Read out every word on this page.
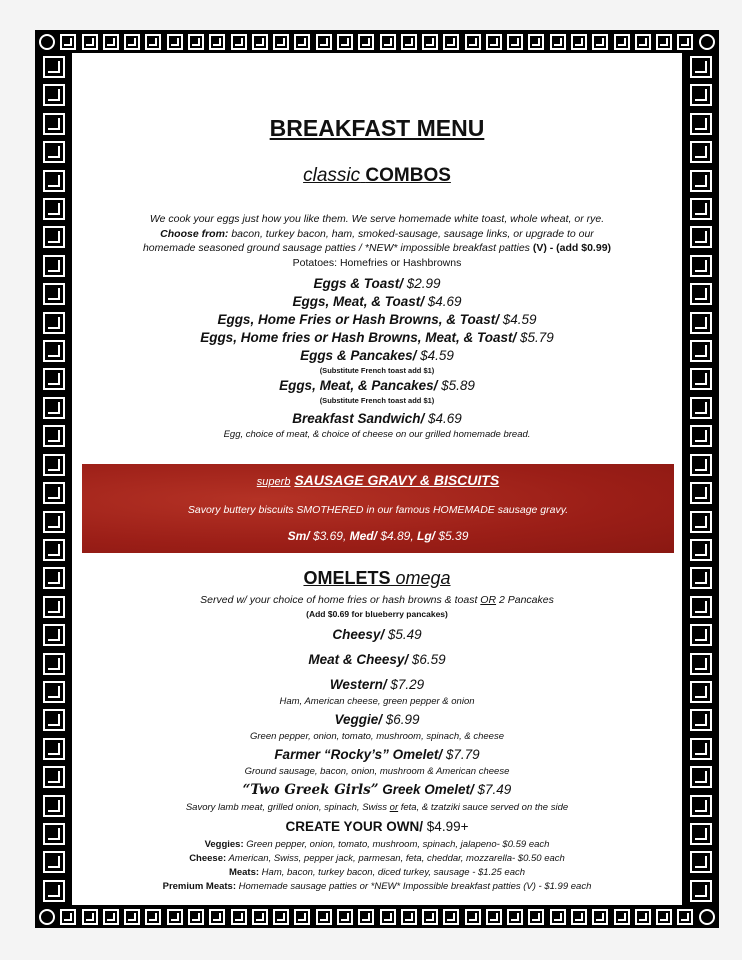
BREAKFAST MENU
classic COMBOS
We cook your eggs just how you like them. We serve homemade white toast, whole wheat, or rye.
Choose from: bacon, turkey bacon, ham, smoked-sausage, sausage links, or upgrade to our
homemade seasoned ground sausage patties / *NEW* impossible breakfast patties (V) - (add $0.99)
Potatoes: Homefries or Hashbrowns
Eggs & Toast/ $2.99
Eggs, Meat, & Toast/ $4.69
Eggs, Home Fries or Hash Browns, & Toast/ $4.59
Eggs, Home fries or Hash Browns, Meat, & Toast/ $5.79
Eggs & Pancakes/ $4.59
(Substitute French toast add $1)
Eggs, Meat, & Pancakes/ $5.89
(Substitute French toast add $1)
Breakfast Sandwich/ $4.69
Egg, choice of meat, & choice of cheese on our grilled homemade bread.
superb SAUSAGE GRAVY & BISCUITS
Savory buttery biscuits SMOTHERED in our famous HOMEMADE sausage gravy.
Sm/ $3.69, Med/ $4.89, Lg/ $5.39
OMELETS omega
Served w/ your choice of home fries or hash browns & toast OR 2 Pancakes
(Add $0.69 for blueberry pancakes)
Cheesy/ $5.49
Meat & Cheesy/ $6.59
Western/ $7.29
Ham, American cheese, green pepper & onion
Veggie/ $6.99
Green pepper, onion, tomato, mushroom, spinach, & cheese
Farmer “Rocky’s” Omelet/ $7.79
Ground sausage, bacon, onion, mushroom & American cheese
“Two Greek Girls” Greek Omelet/ $7.49
Savory lamb meat, grilled onion, spinach, Swiss or feta, & tzatziki sauce served on the side
CREATE YOUR OWN/ $4.99+
Veggies: Green pepper, onion, tomato, mushroom, spinach, jalapeno- $0.59 each
Cheese: American, Swiss, pepper jack, parmesan, feta, cheddar, mozzarella- $0.50 each
Meats: Ham, bacon, turkey bacon, diced turkey, sausage - $1.25 each
Premium Meats: Homemade sausage patties or *NEW* Impossible breakfast patties (V) - $1.99 each
